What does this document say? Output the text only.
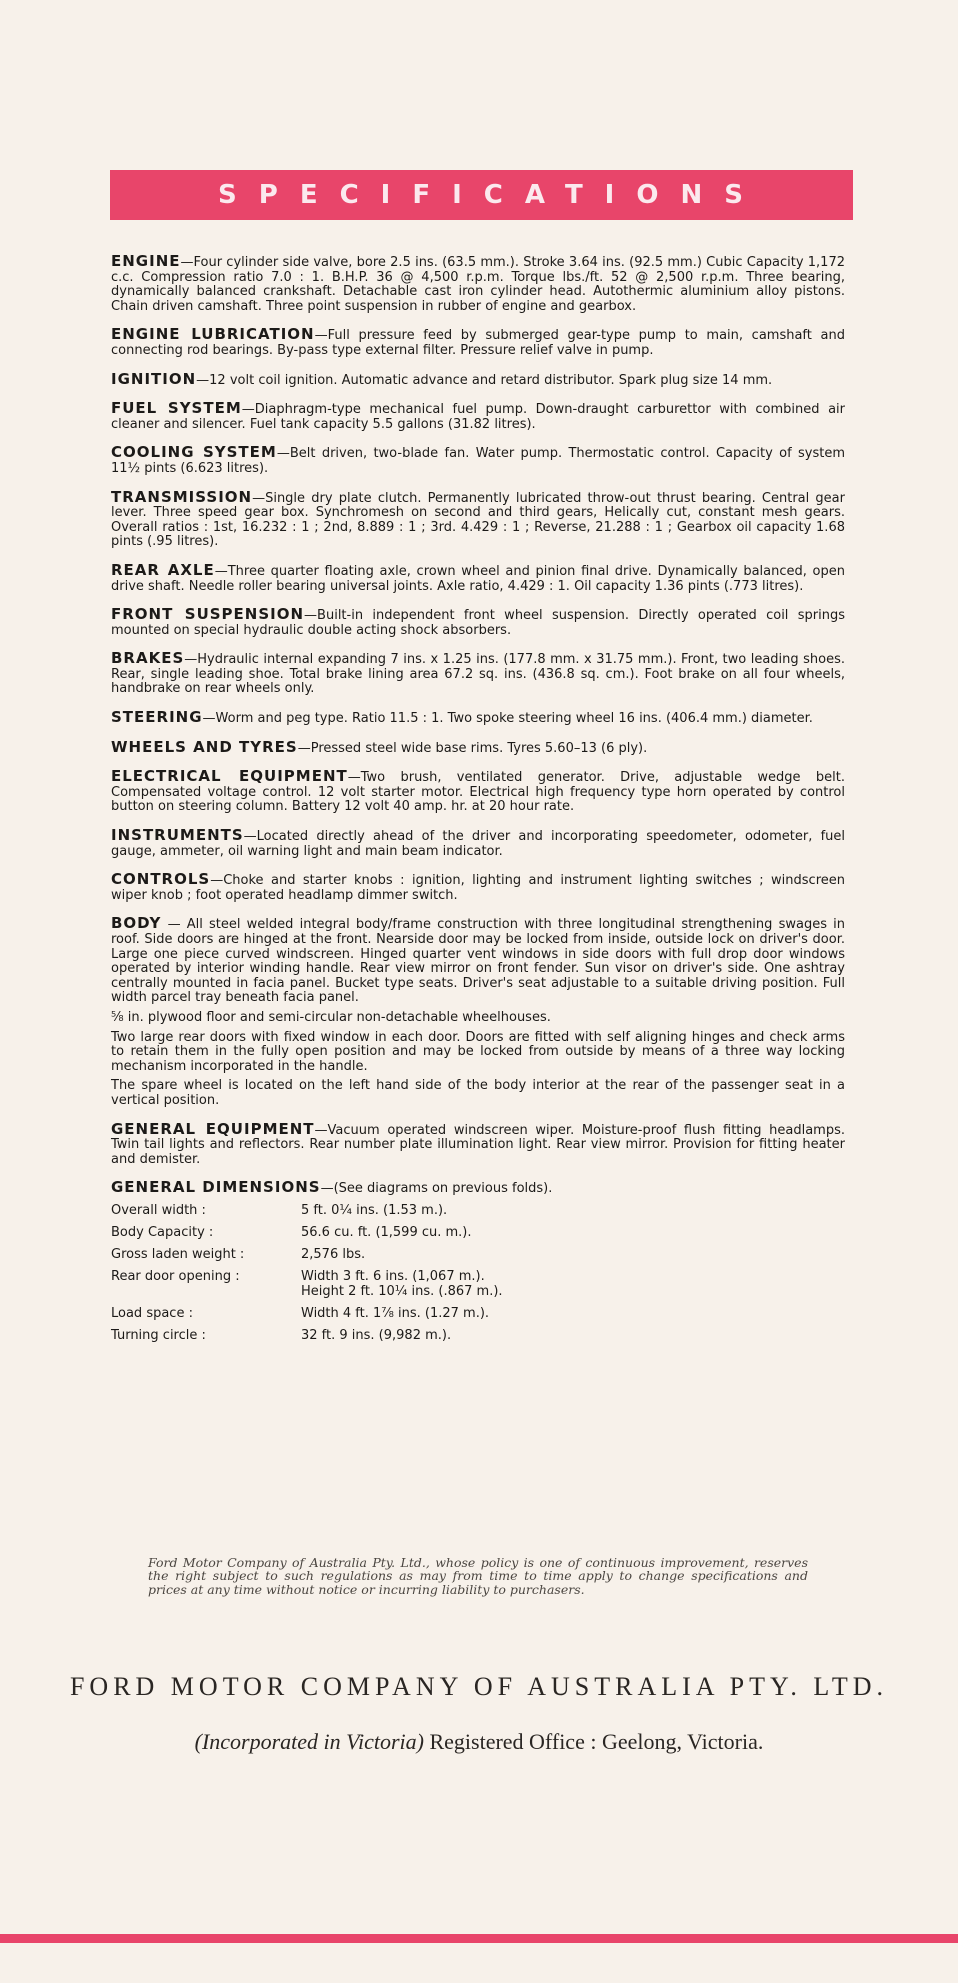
SPECIFICATIONS

ENGINE—Four cylinder side valve, bore 2.5 ins. (63.5 mm.). Stroke 3.64 ins. (92.5 mm.) Cubic Capacity 1,172 c.c. Compression ratio 7.0 : 1. B.H.P. 36 @ 4,500 r.p.m. Torque lbs./ft. 52 @ 2,500 r.p.m. Three bearing, dynamically balanced crankshaft. Detachable cast iron cylinder head. Autothermic aluminium alloy pistons. Chain driven camshaft. Three point suspension in rubber of engine and gearbox.

ENGINE LUBRICATION—Full pressure feed by submerged gear-type pump to main, camshaft and connecting rod bearings. By-pass type external filter. Pressure relief valve in pump.

IGNITION—12 volt coil ignition. Automatic advance and retard distributor. Spark plug size 14 mm.

FUEL SYSTEM—Diaphragm-type mechanical fuel pump. Down-draught carburettor with combined air cleaner and silencer. Fuel tank capacity 5.5 gallons (31.82 litres).

COOLING SYSTEM—Belt driven, two-blade fan. Water pump. Thermostatic control. Capacity of system 11½ pints (6.623 litres).

TRANSMISSION—Single dry plate clutch. Permanently lubricated throw-out thrust bearing. Central gear lever. Three speed gear box. Synchromesh on second and third gears, Helically cut, constant mesh gears. Overall ratios : 1st, 16.232 : 1 ; 2nd, 8.889 : 1 ; 3rd. 4.429 : 1 ; Reverse, 21.288 : 1 ; Gearbox oil capacity 1.68 pints (.95 litres).

REAR AXLE—Three quarter floating axle, crown wheel and pinion final drive. Dynamically balanced, open drive shaft. Needle roller bearing universal joints. Axle ratio, 4.429 : 1. Oil capacity 1.36 pints (.773 litres).

FRONT SUSPENSION—Built-in independent front wheel suspension. Directly operated coil springs mounted on special hydraulic double acting shock absorbers.

BRAKES—Hydraulic internal expanding 7 ins. x 1.25 ins. (177.8 mm. x 31.75 mm.). Front, two leading shoes. Rear, single leading shoe. Total brake lining area 67.2 sq. ins. (436.8 sq. cm.). Foot brake on all four wheels, handbrake on rear wheels only.

STEERING—Worm and peg type. Ratio 11.5 : 1. Two spoke steering wheel 16 ins. (406.4 mm.) diameter.

WHEELS AND TYRES—Pressed steel wide base rims. Tyres 5.60–13 (6 ply).

ELECTRICAL EQUIPMENT—Two brush, ventilated generator. Drive, adjustable wedge belt. Compensated voltage control. 12 volt starter motor. Electrical high frequency type horn operated by control button on steering column. Battery 12 volt 40 amp. hr. at 20 hour rate.

INSTRUMENTS—Located directly ahead of the driver and incorporating speedometer, odometer, fuel gauge, ammeter, oil warning light and main beam indicator.

CONTROLS—Choke and starter knobs : ignition, lighting and instrument lighting switches ; windscreen wiper knob ; foot operated headlamp dimmer switch.

BODY — All steel welded integral body/frame construction with three longitudinal strengthening swages in roof. Side doors are hinged at the front. Nearside door may be locked from inside, outside lock on driver's door. Large one piece curved windscreen. Hinged quarter vent windows in side doors with full drop door windows operated by interior winding handle. Rear view mirror on front fender. Sun visor on driver's side. One ashtray centrally mounted in facia panel. Bucket type seats. Driver's seat adjustable to a suitable driving position. Full width parcel tray beneath facia panel.

⅝ in. plywood floor and semi-circular non-detachable wheelhouses.

Two large rear doors with fixed window in each door. Doors are fitted with self aligning hinges and check arms to retain them in the fully open position and may be locked from outside by means of a three way locking mechanism incorporated in the handle.

The spare wheel is located on the left hand side of the body interior at the rear of the passenger seat in a vertical position.

GENERAL EQUIPMENT—Vacuum operated windscreen wiper. Moisture-proof flush fitting headlamps. Twin tail lights and reflectors. Rear number plate illumination light. Rear view mirror. Provision for fitting heater and demister.

GENERAL DIMENSIONS—(See diagrams on previous folds).

Overall width :	5 ft. 0¼ ins. (1.53 m.).
Body Capacity :	56.6 cu. ft. (1,599 cu. m.).
Gross laden weight :	2,576 lbs.
Rear door opening :	Width 3 ft. 6 ins. (1,067 m.).
Height 2 ft. 10¼ ins. (.867 m.).

Load space :	Width 4 ft. 1⅞ ins. (1.27 m.).
Turning circle :	32 ft. 9 ins. (9,982 m.).

Ford Motor Company of Australia Pty. Ltd., whose policy is one of continuous improvement, reserves the right subject to such regulations as may from time to time apply to change specifications and prices at any time without notice or incurring liability to purchasers.

FORD MOTOR COMPANY OF AUSTRALIA PTY. LTD.
(Incorporated in Victoria) Registered Office : Geelong, Victoria.
